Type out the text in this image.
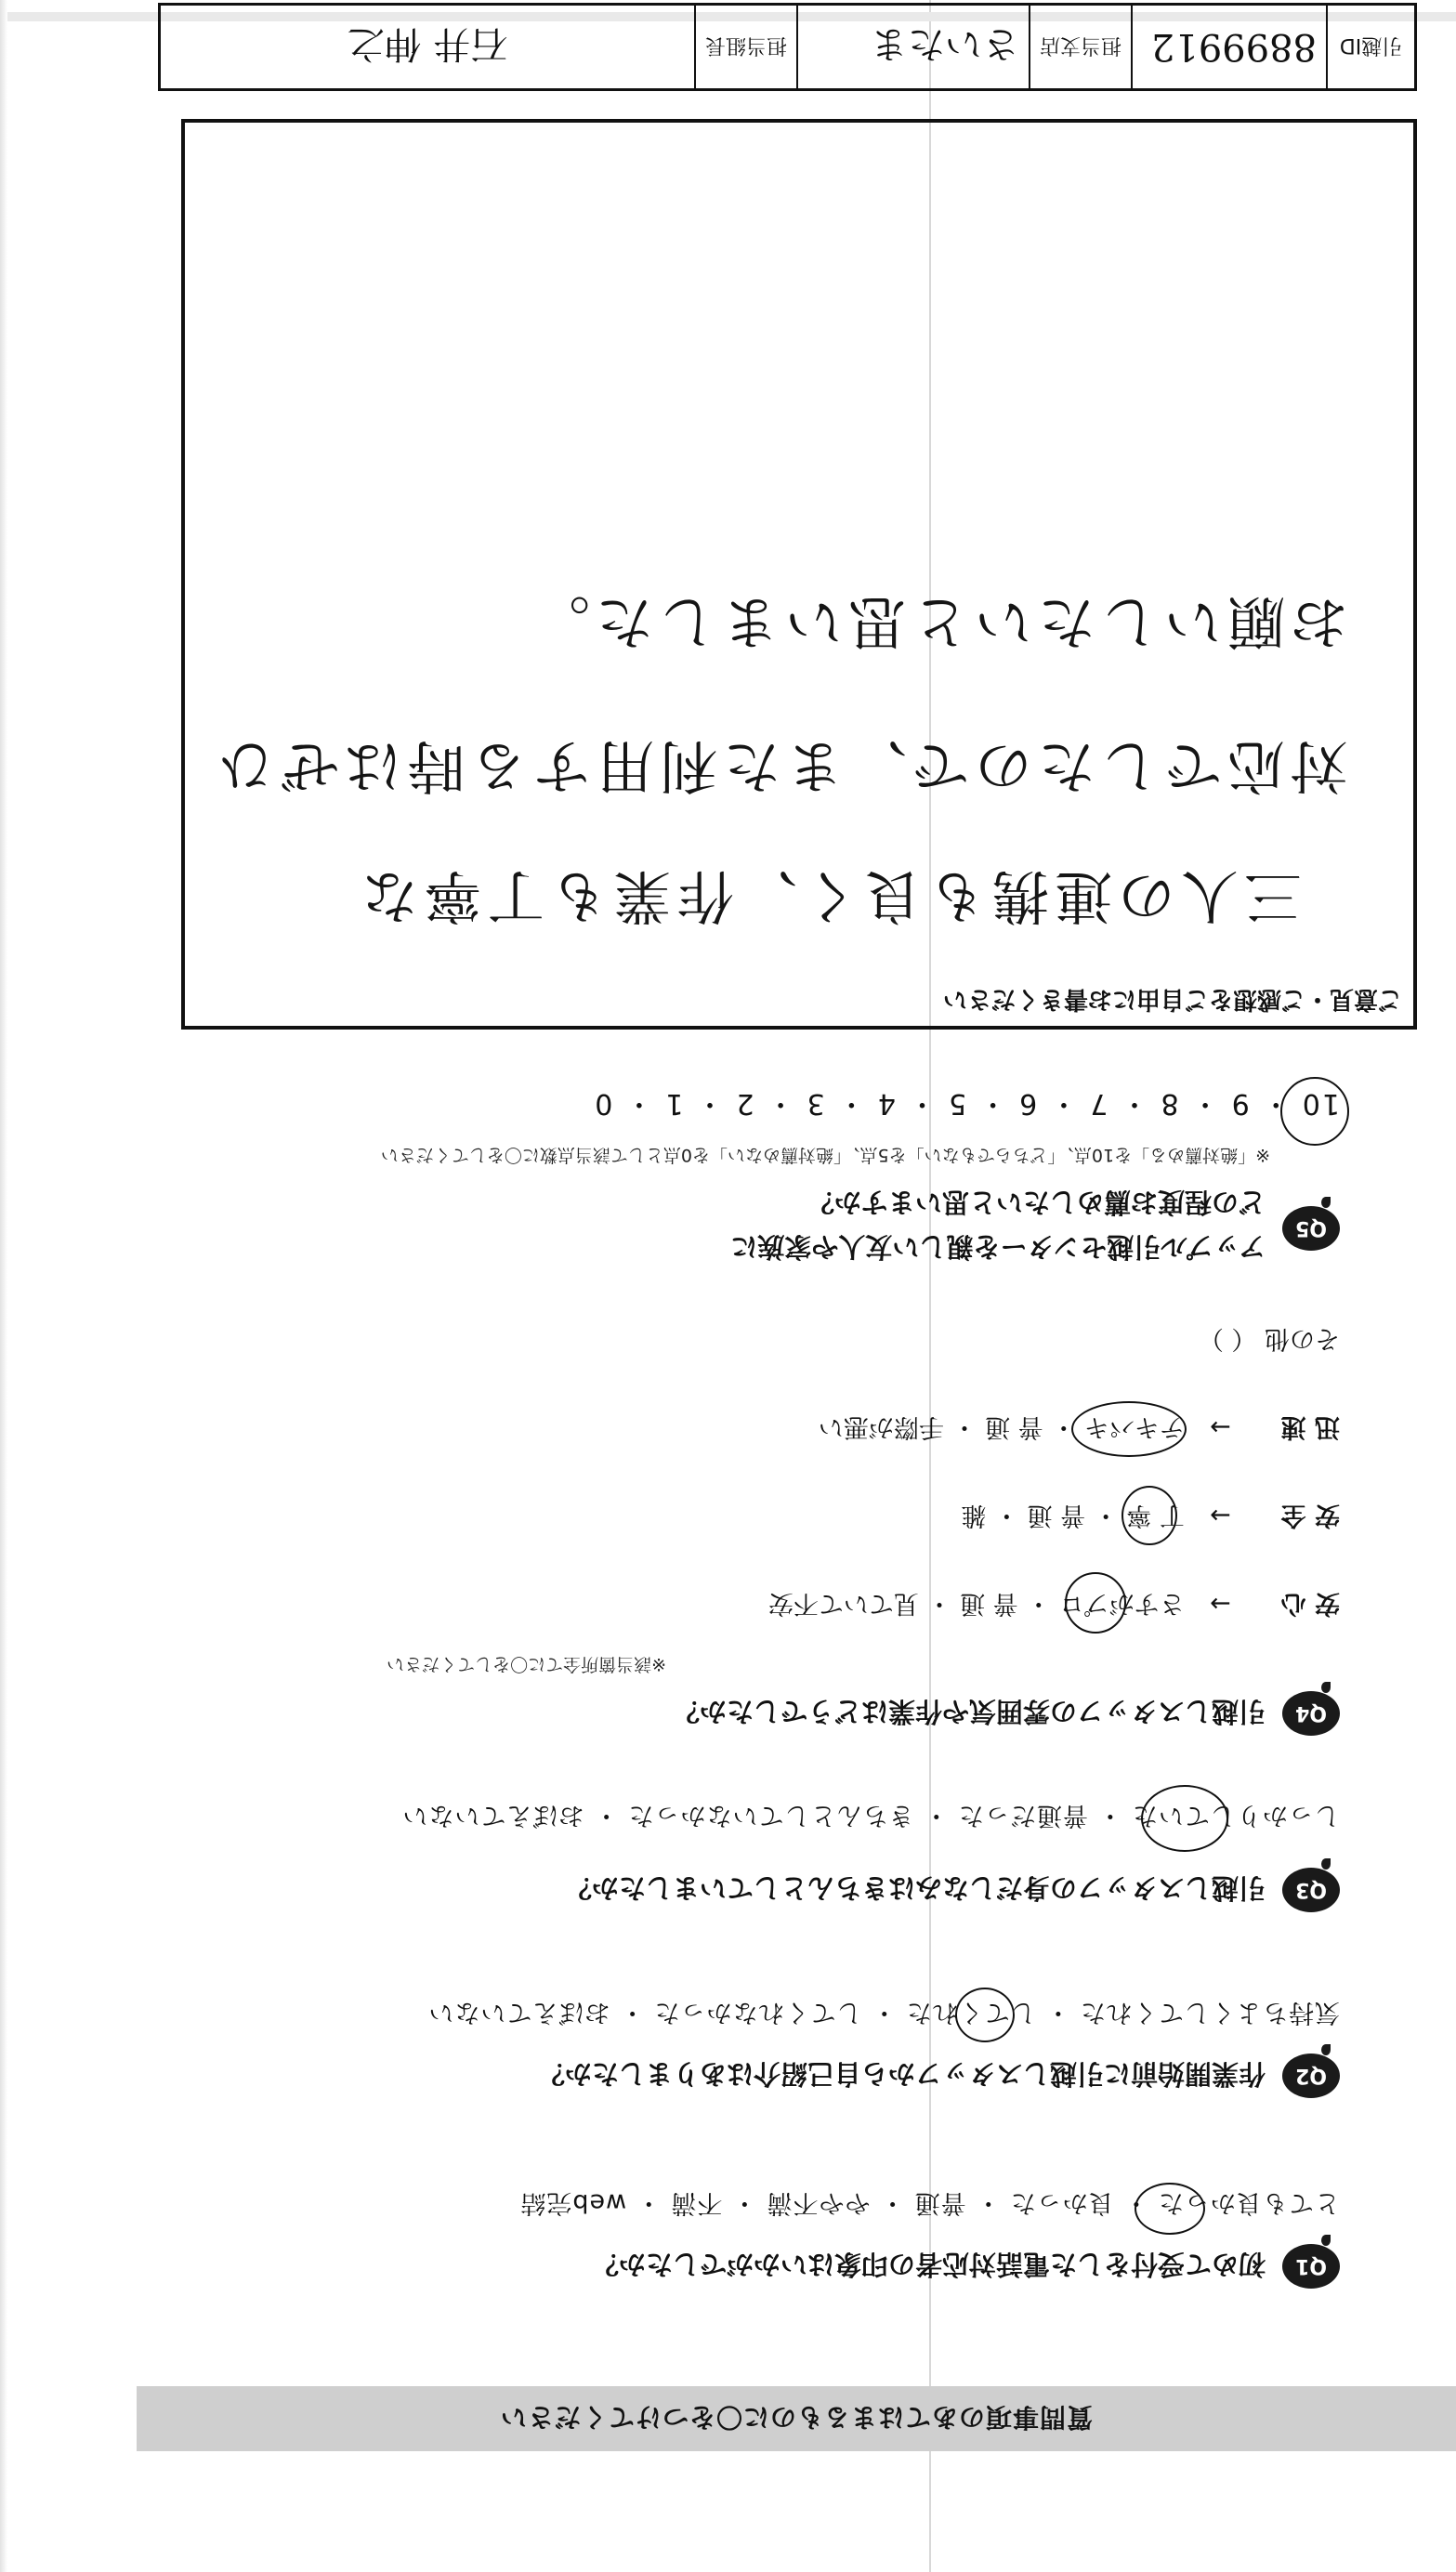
質問事項のあてはまるものに〇をつけてください
Q1
初めて受付をした電話対応者の印象はいかがでしたか？
とても良かった ・ 良かった ・ 普通 ・ やや不満 ・ 不満 ・ web完結
Q2
作業開始前に引越しスタッフから自己紹介はありましたか？
気持ちよくしてくれた ・ してくれた ・ してくれなかった ・ おぼえていない
Q3
引越しスタッフの身だしなみはきちんとしていましたか？
しっかりしていた ・ 普通だった ・ きちんとしていなかった ・ おぼえていない
Q4
引越しスタッフの雰囲気や作業はどうでしたか？
※該当箇所全てに〇をしてください
安 心 → さすがプロ ・ 普 通 ・ 見ていて不安
安 全 → 丁 寧 ・ 普 通 ・ 雑
迅 速 → テキパキ ・ 普 通 ・ 手際が悪い
その他 （ ）
Q5
アップル引越センターを親しい友人や家族に
どの程度お薦めしたいと思いますか？
※「絶対薦める」を10点、「どちらでもない」を5点、「絶対薦めない」を0点として該当点数に〇をしてください
10 ・ 9 ・ 8 ・ 7 ・ 6 ・ 5 ・ 4 ・ 3 ・ 2 ・ 1 ・ 0
ご意見・ご感想をご自由にお書きください
三人の連携も良く、作業も丁寧な
対応でしたので、また利用する時はぜひ
お願いしたいと思いました。
引越ID
8899912
担当支店
さいたま
担当組長
石井 伸之
